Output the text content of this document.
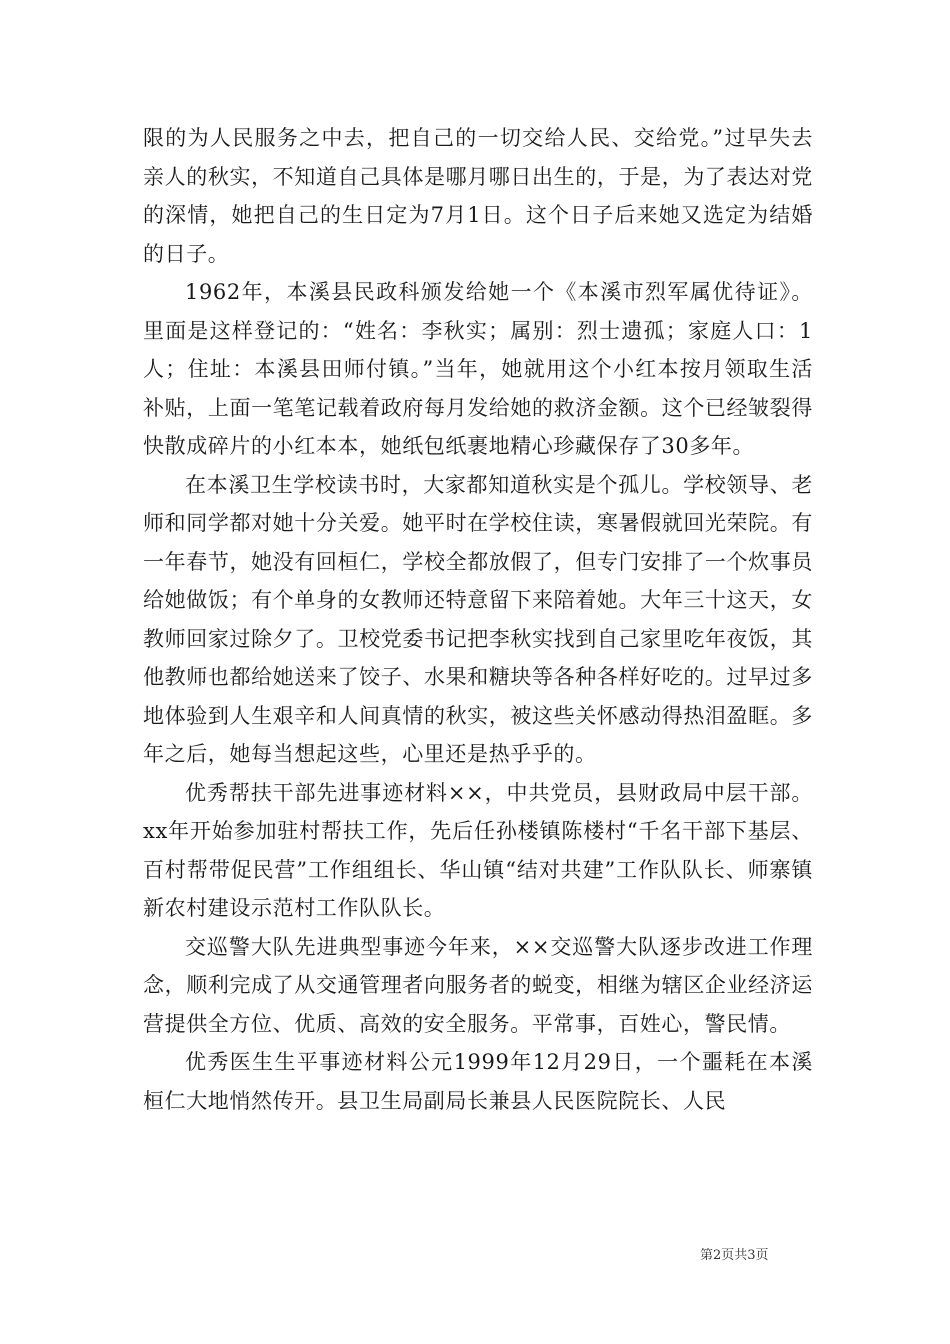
限的为人民服务之中去，把自己的一切交给人民、交给党。”过早失去亲人的秋实，不知道自己具体是哪月哪日出生的，于是，为了表达对党的深情，她把自己的生日定为7月1日。这个日子后来她又选定为结婚的日子。

1962年，本溪县民政科颁发给她一个《本溪市烈军属优待证》。里面是这样登记的：“姓名：李秋实；属别：烈士遗孤；家庭人口：1人；住址：本溪县田师付镇。”当年，她就用这个小红本按月领取生活补贴，上面一笔笔记载着政府每月发给她的救济金额。这个已经皱裂得快散成碎片的小红本本，她纸包纸裹地精心珍藏保存了30多年。

在本溪卫生学校读书时，大家都知道秋实是个孤儿。学校领导、老师和同学都对她十分关爱。她平时在学校住读，寒暑假就回光荣院。有一年春节，她没有回桓仁，学校全都放假了，但专门安排了一个炊事员给她做饭；有个单身的女教师还特意留下来陪着她。大年三十这天，女教师回家过除夕了。卫校党委书记把李秋实找到自己家里吃年夜饭，其他教师也都给她送来了饺子、水果和糖块等各种各样好吃的。过早过多地体验到人生艰辛和人间真情的秋实，被这些关怀感动得热泪盈眶。多年之后，她每当想起这些，心里还是热乎乎的。

优秀帮扶干部先进事迹材料××，中共党员，县财政局中层干部。xx年开始参加驻村帮扶工作，先后任孙楼镇陈楼村“千名干部下基层、百村帮带促民营”工作组组长、华山镇“结对共建”工作队队长、师寨镇新农村建设示范村工作队队长。

交巡警大队先进典型事迹今年来，××交巡警大队逐步改进工作理念，顺利完成了从交通管理者向服务者的蜕变，相继为辖区企业经济运营提供全方位、优质、高效的安全服务。平常事，百姓心，警民情。

优秀医生生平事迹材料公元1999年12月29日，一个噩耗在本溪桓仁大地悄然传开。县卫生局副局长兼县人民医院院长、人民

第2页共3页
